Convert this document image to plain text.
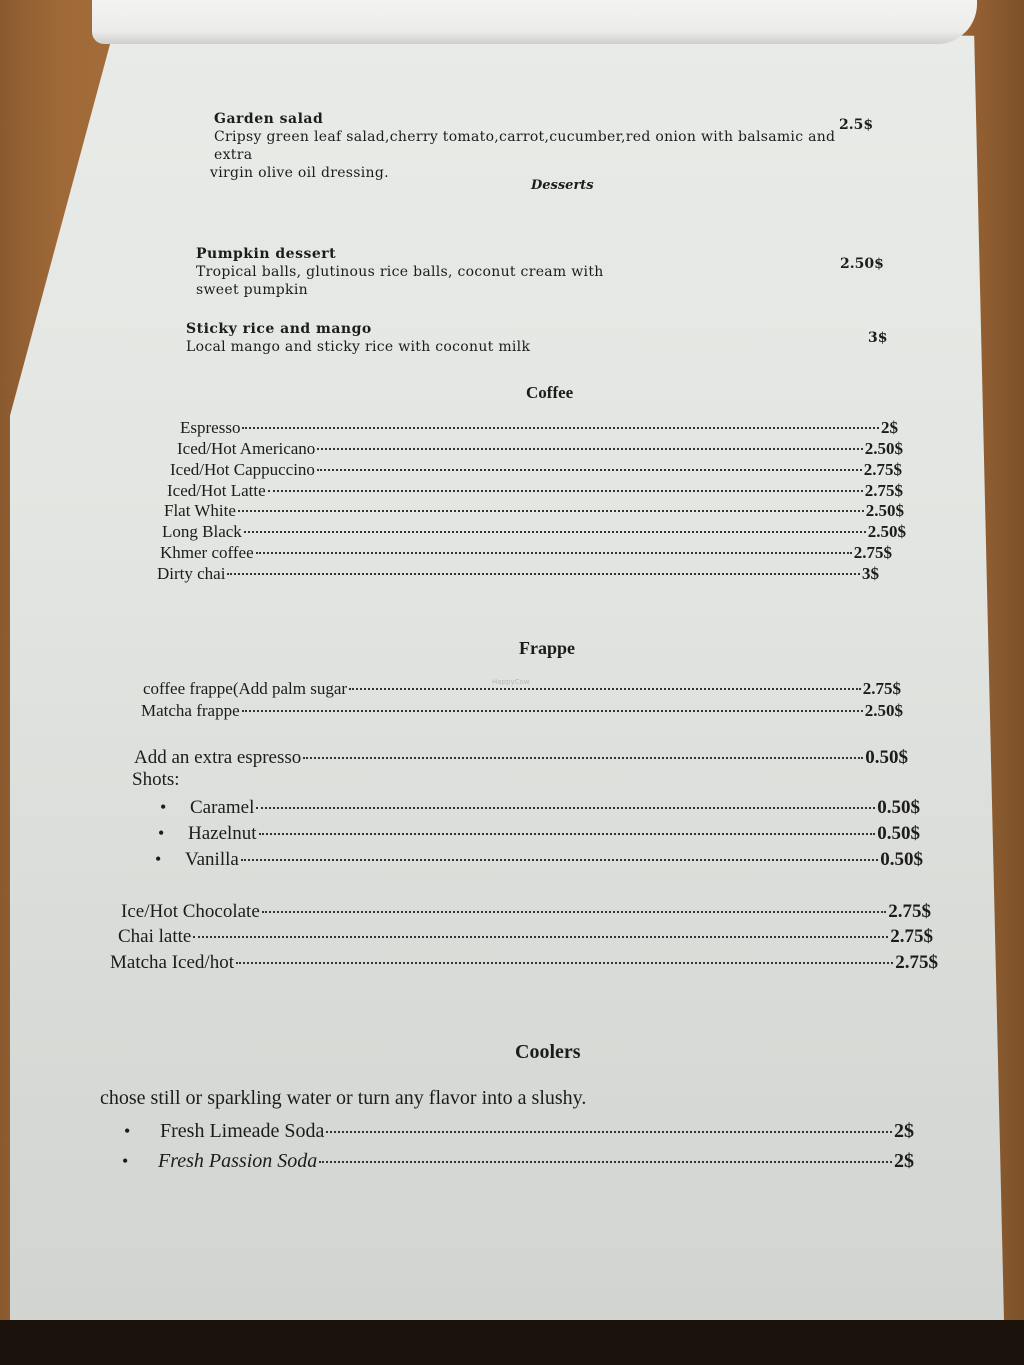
Garden salad
Cripsy green leaf salad,cherry tomato,carrot,cucumber,red onion with balsamic and extra
virgin olive oil dressing.
2.5$
Desserts
Pumpkin dessert
Tropical balls, glutinous rice balls, coconut cream with
sweet pumpkin
2.50$
Sticky rice and mango
Local mango and sticky rice with coconut milk
3$
Coffee
Espresso	2$
Iced/Hot Americano	2.50$
Iced/Hot Cappuccino	2.75$
Iced/Hot Latte	2.75$
Flat White	2.50$
Long Black	2.50$
Khmer coffee	2.75$
Dirty chai	3$
Frappe
HappyCow
coffee frappe(Add palm sugar	2.75$
Matcha frappe	2.50$
Add an extra espresso	0.50$
Shots:
•	Caramel	0.50$
•	Hazelnut	0.50$
•	Vanilla	0.50$
Ice/Hot Chocolate	2.75$
Chai latte	2.75$
Matcha Iced/hot	2.75$
Coolers
chose still or sparkling water or turn any flavor into a slushy.
•	Fresh Limeade Soda	2$
•	Fresh Passion Soda	2$
